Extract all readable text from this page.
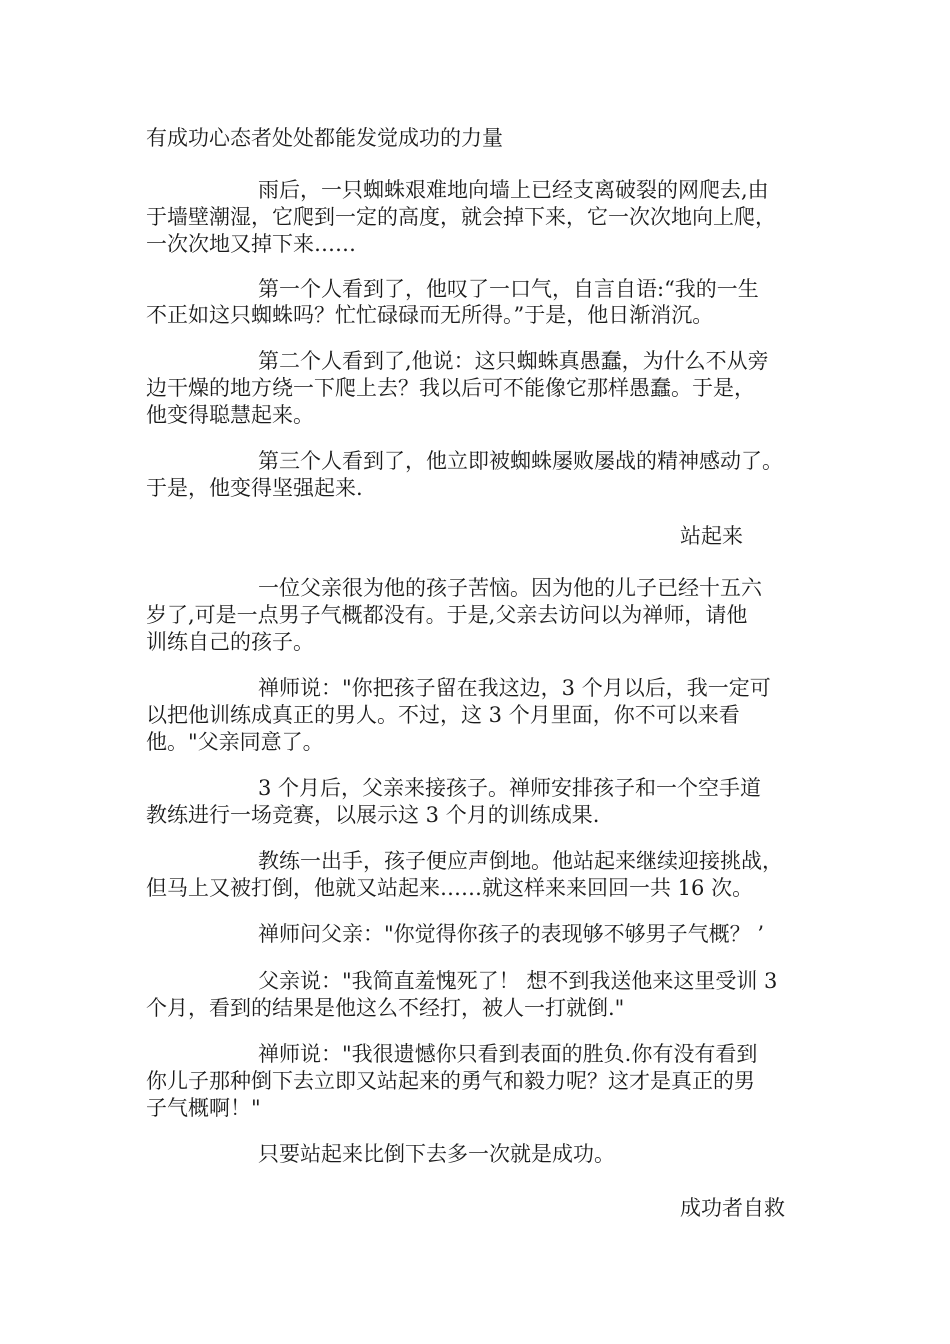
有成功心态者处处都能发觉成功的力量
雨后，一只蜘蛛艰难地向墙上已经支离破裂的网爬去,由
于墙壁潮湿，它爬到一定的高度，就会掉下来，它一次次地向上爬，
一次次地又掉下来……
第一个人看到了，他叹了一口气，自言自语:“我的一生
不正如这只蜘蛛吗？忙忙碌碌而无所得。”于是，他日渐消沉。
第二个人看到了,他说：这只蜘蛛真愚蠢，为什么不从旁
边干燥的地方绕一下爬上去？我以后可不能像它那样愚蠢。于是，
他变得聪慧起来。
第三个人看到了，他立即被蜘蛛屡败屡战的精神感动了。
于是，他变得坚强起来.
站起来
一位父亲很为他的孩子苦恼。因为他的儿子已经十五六
岁了,可是一点男子气概都没有。于是,父亲去访问以为禅师，请他
训练自己的孩子。
禅师说："你把孩子留在我这边，3 个月以后，我一定可
以把他训练成真正的男人。不过，这 3 个月里面，你不可以来看
他。"父亲同意了。
3 个月后，父亲来接孩子。禅师安排孩子和一个空手道
教练进行一场竞赛，以展示这 3 个月的训练成果.
教练一出手，孩子便应声倒地。他站起来继续迎接挑战，
但马上又被打倒，他就又站起来……就这样来来回回一共 16 次。
禅师问父亲："你觉得你孩子的表现够不够男子气概？ ’
父亲说："我简直羞愧死了！ 想不到我送他来这里受训 3
个月，看到的结果是他这么不经打，被人一打就倒."
禅师说："我很遗憾你只看到表面的胜负.你有没有看到
你儿子那种倒下去立即又站起来的勇气和毅力呢？这才是真正的男
子气概啊！"
只要站起来比倒下去多一次就是成功。
成功者自救
